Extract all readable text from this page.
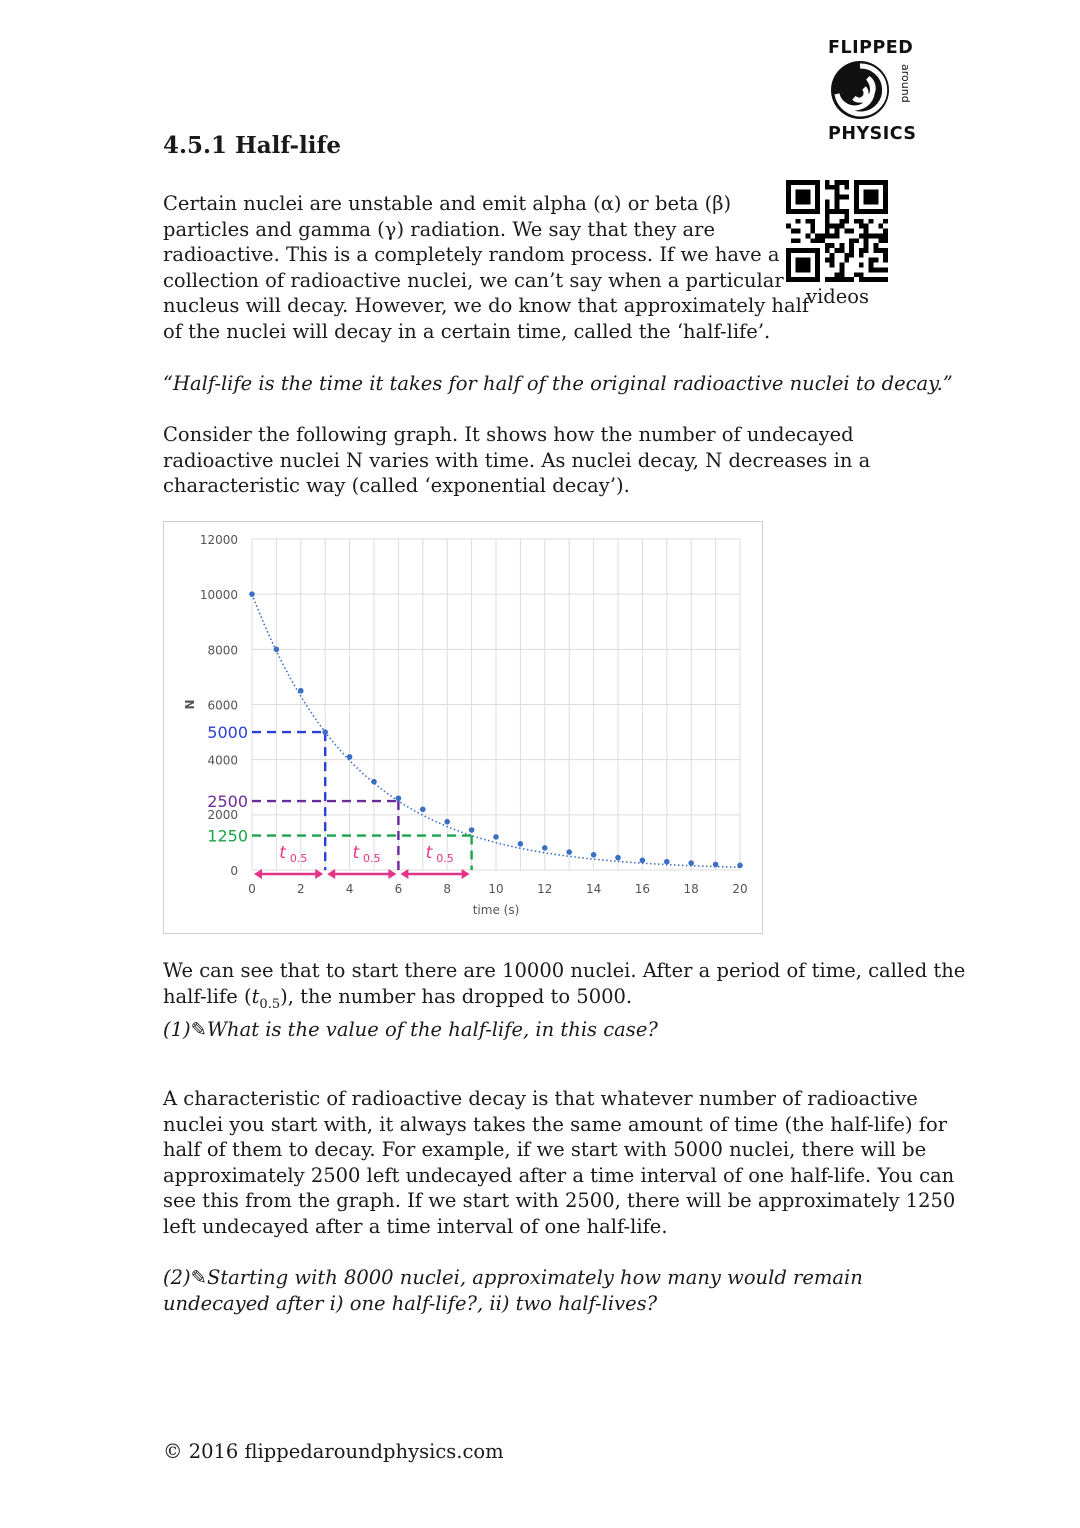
FLIPPED
around
PHYSICS
4.5.1 Half-life
videos
Certain nuclei are unstable and emit alpha (α) or beta (β)
particles and gamma (γ) radiation. We say that they are
radioactive. This is a completely random process. If we have a
collection of radioactive nuclei, we can’t say when a particular
nucleus will decay. However, we do know that approximately half
of the nuclei will decay in a certain time, called the ‘half-life’.
“Half-life is the time it takes for half of the original radioactive nuclei to decay.”
Consider the following graph. It shows how the number of undecayed
radioactive nuclei N varies with time. As nuclei decay, N decreases in a
characteristic way (called ‘exponential decay’).
0	2	4	6	8	10	12	14	16	18	20
0
2000
4000
6000
8000
10000
12000
time (s)
N
5000
2500
1250
t 0.5	t 0.5	t 0.5
We can see that to start there are 10000 nuclei. After a period of time, called the
half-life $(t_{0.5})$, the number has dropped to 5000.
(1)✎What is the value of the half-life, in this case?
A characteristic of radioactive decay is that whatever number of radioactive
nuclei you start with, it always takes the same amount of time (the half-life) for
half of them to decay. For example, if we start with 5000 nuclei, there will be
approximately 2500 left undecayed after a time interval of one half-life. You can
see this from the graph. If we start with 2500, there will be approximately 1250
left undecayed after a time interval of one half-life.
(2)✎Starting with 8000 nuclei, approximately how many would remain
undecayed after i) one half-life?, ii) two half-lives?
© 2016 flippedaroundphysics.com
